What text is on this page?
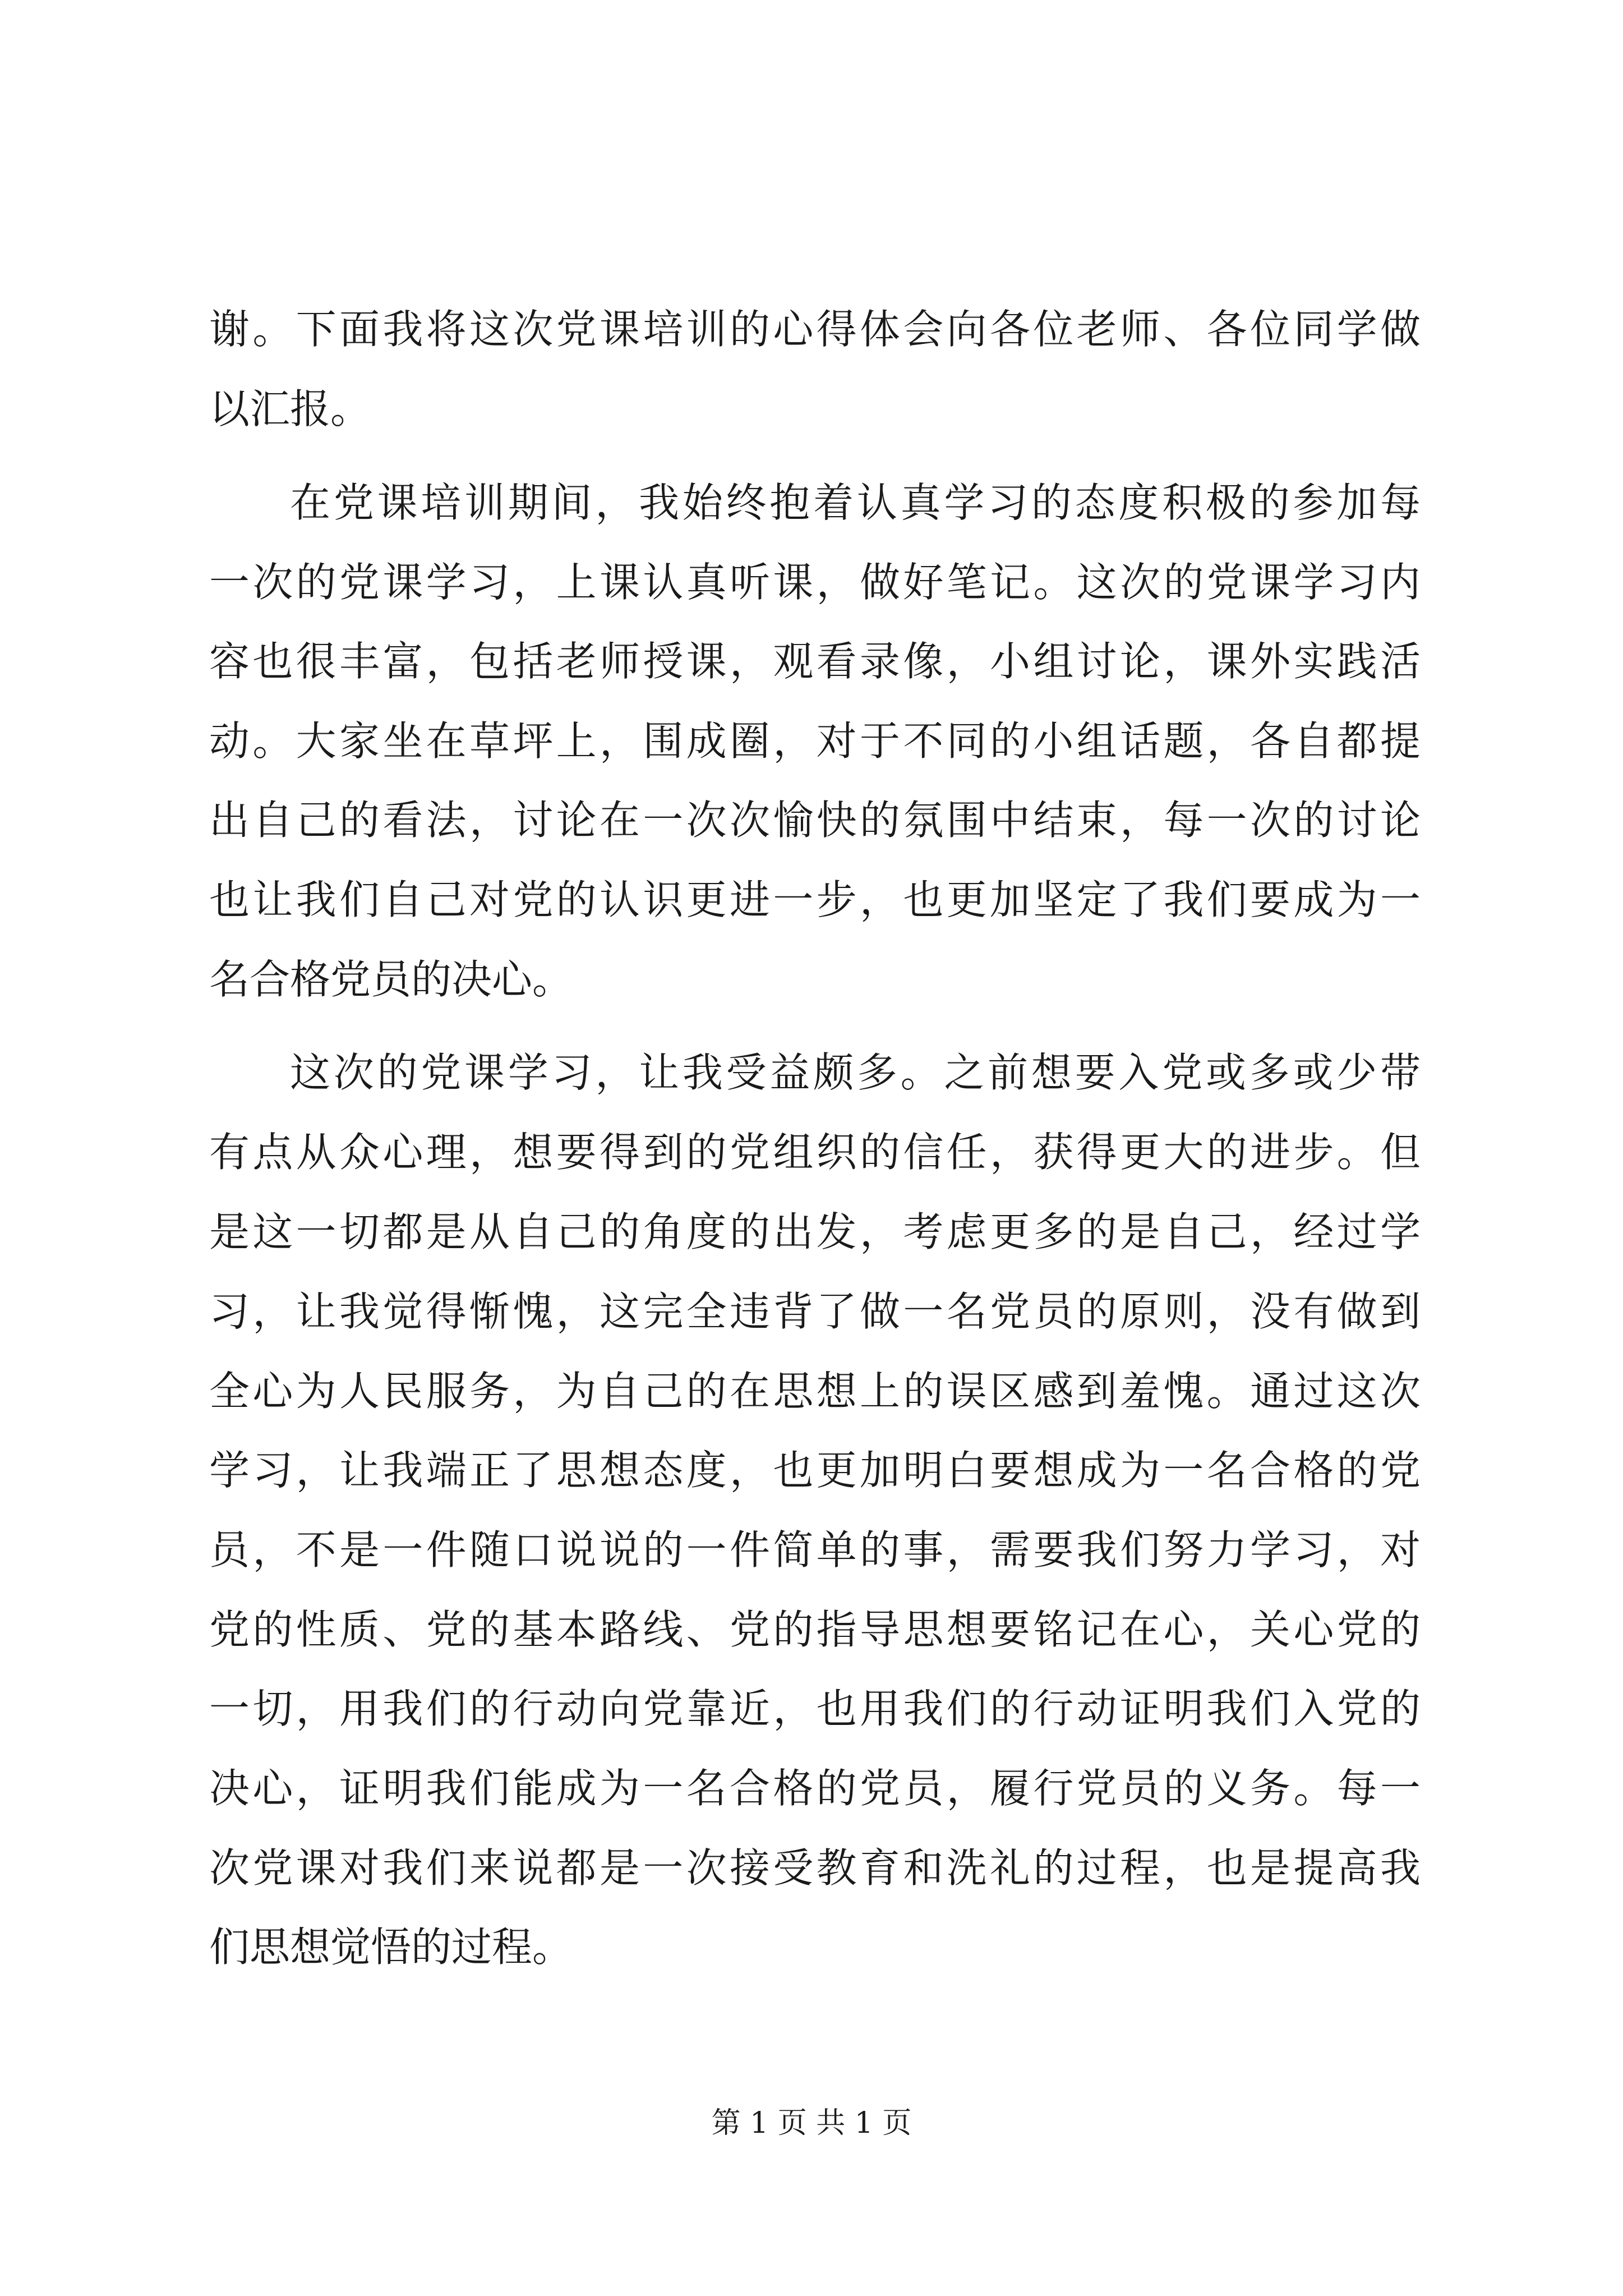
谢。下面我将这次党课培训的心得体会向各位老师、各位同学做

以汇报。

在党课培训期间，我始终抱着认真学习的态度积极的参加每

一次的党课学习，上课认真听课，做好笔记。这次的党课学习内

容也很丰富，包括老师授课，观看录像，小组讨论，课外实践活

动。大家坐在草坪上，围成圈，对于不同的小组话题，各自都提

出自己的看法，讨论在一次次愉快的氛围中结束，每一次的讨论

也让我们自己对党的认识更进一步，也更加坚定了我们要成为一

名合格党员的决心。

这次的党课学习，让我受益颇多。之前想要入党或多或少带

有点从众心理，想要得到的党组织的信任，获得更大的进步。但

是这一切都是从自己的角度的出发，考虑更多的是自己，经过学

习，让我觉得惭愧，这完全违背了做一名党员的原则，没有做到

全心为人民服务，为自己的在思想上的误区感到羞愧。通过这次

学习，让我端正了思想态度，也更加明白要想成为一名合格的党

员，不是一件随口说说的一件简单的事，需要我们努力学习，对

党的性质、党的基本路线、党的指导思想要铭记在心，关心党的

一切，用我们的行动向党靠近，也用我们的行动证明我们入党的

决心，证明我们能成为一名合格的党员，履行党员的义务。每一

次党课对我们来说都是一次接受教育和洗礼的过程，也是提高我

们思想觉悟的过程。

第 1 页 共 1 页
